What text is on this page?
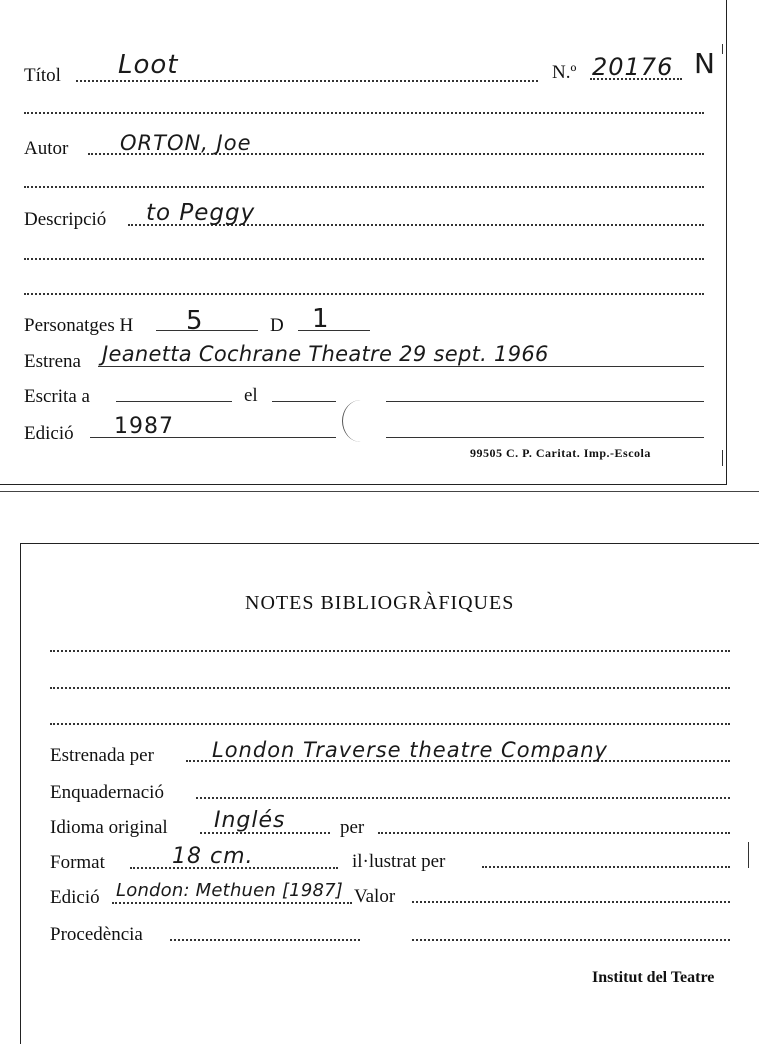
Títol Loot	N.º 20176 N
Autor ORTON, Joe
Descripció to Peggy
Personatges H 5	D 1
Estrena Jeanetta Cochrane Theatre 29 sept. 1966
Escrita a	el
Edició 1987
99505 C. P. Caritat. Imp.-Escola
NOTES BIBLIOGRÀFIQUES
Estrenada per	London Traverse theatre Company
Enquadernació
Idioma original Inglés	per
Format	18 cm.	il·lustrat per
Edició London: Methuen [1987] Valor
Procedència
Institut del Teatre
